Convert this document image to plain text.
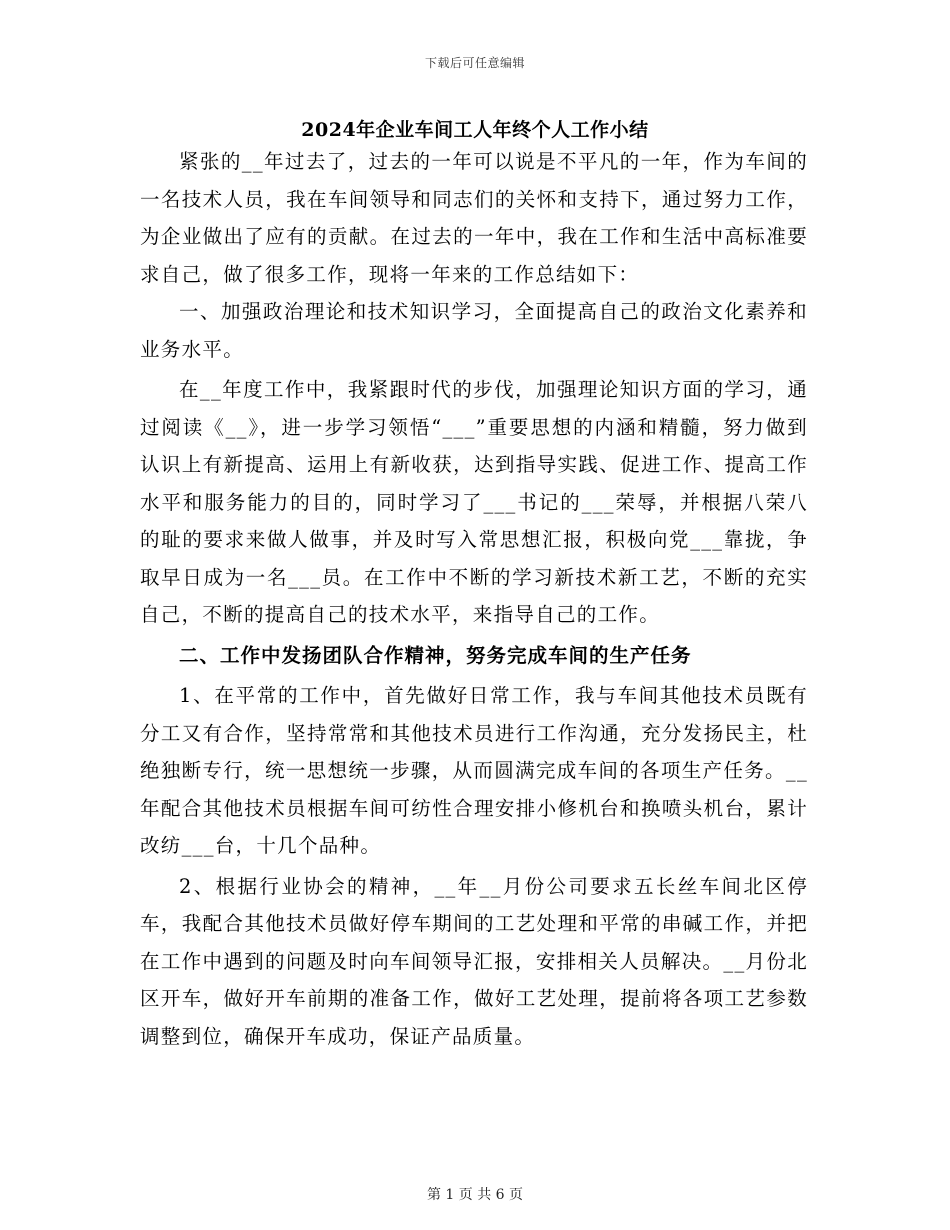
下载后可任意编辑
2024年企业车间工人年终个人工作小结

紧张的__年过去了，过去的一年可以说是不平凡的一年，作为车间的一名技术人员，我在车间领导和同志们的关怀和支持下，通过努力工作，为企业做出了应有的贡献。在过去的一年中，我在工作和生活中高标准要求自己，做了很多工作，现将一年来的工作总结如下：

一、加强政治理论和技术知识学习，全面提高自己的政治文化素养和业务水平。

在__年度工作中，我紧跟时代的步伐，加强理论知识方面的学习，通过阅读《__》，进一步学习领悟“___”重要思想的内涵和精髓，努力做到认识上有新提高、运用上有新收获，达到指导实践、促进工作、提高工作水平和服务能力的目的，同时学习了___书记的___荣辱，并根据八荣八的耻的要求来做人做事，并及时写入常思想汇报，积极向党___靠拢，争取早日成为一名___员。在工作中不断的学习新技术新工艺，不断的充实自己，不断的提高自己的技术水平，来指导自己的工作。

二、工作中发扬团队合作精神，努务完成车间的生产任务

1、在平常的工作中，首先做好日常工作，我与车间其他技术员既有分工又有合作，坚持常常和其他技术员进行工作沟通，充分发扬民主，杜绝独断专行，统一思想统一步骤，从而圆满完成车间的各项生产任务。__年配合其他技术员根据车间可纺性合理安排小修机台和换喷头机台，累计改纺___台，十几个品种。

2、根据行业协会的精神，__年__月份公司要求五长丝车间北区停车，我配合其他技术员做好停车期间的工艺处理和平常的串碱工作，并把在工作中遇到的问题及时向车间领导汇报，安排相关人员解决。__月份北区开车，做好开车前期的准备工作，做好工艺处理，提前将各项工艺参数调整到位，确保开车成功，保证产品质量。

第 1 页 共 6 页
